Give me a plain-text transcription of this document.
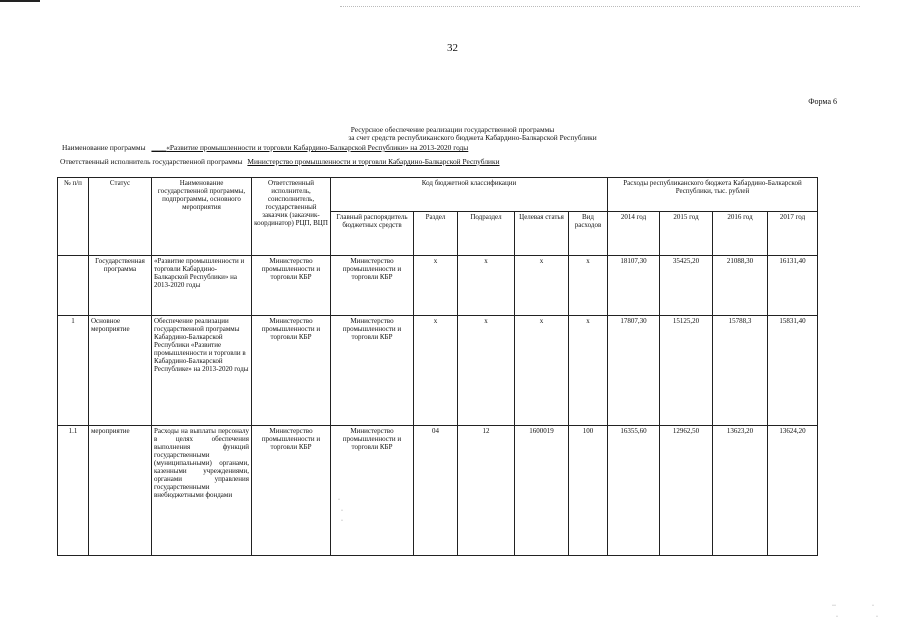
32
Форма 6
Ресурсное обеспечение реализации государственной программы
за счет средств республиканского бюджета Кабардино-Балкарской Республики
Наименование программы ____«Развитие промышленности и торговли Кабардино-Балкарской Республики» на 2013-2020 годы
Ответственный исполнитель государственной программы Министерство промышленности и торговли Кабардино-Балкарской Республики
№ п/п	Статус	Наименование государственной программы, подпрограммы, основного мероприятия	Ответственный исполнитель, соисполнитель, государственный заказчик (заказчик-координатор) РЦП, ВЦП	Код бюджетной классификации					Расходы республиканского бюджета Кабардино-Балкарской Республики, тыс. рублей			
				Главный распорядитель бюджетных средств	Раздел	Подраздел	Целевая статья	Вид расходов	2014 год	2015 год	2016 год	2017 год
	Государственная программа	«Развитие промышленности и торговли Кабардино-Балкарской Республики» на 2013-2020 годы	Министерство промышленности и торговли КБР	Министерство промышленности и торговли КБР	х	х	х	х	18107,30	35425,20	21088,30	16131,40
1	Основное мероприятие	Обеспечение реализации государственной программы Кабардино-Балкарской Республики «Развитие промышленности и торговли в Кабардино-Балкарской Республике» на 2013-2020 годы	Министерство промышленности и торговли КБР	Министерство промышленности и торговли КБР	х	х	х	х	17807,30	15125,20	15788,3	15831,40
1.1	мероприятие	Расходы на выплаты персоналу в целях обеспечения выполнения функций государственными (муниципальными) органами, казенными учреждениями, органами управления государственными внебюджетными фондами	Министерство промышленности и торговли КБР	Министерство промышленности и торговли КБР	04	12	1600019	100	16355,60	12962,50	13623,20	13624,20
·
·
·
··	·
·	·
